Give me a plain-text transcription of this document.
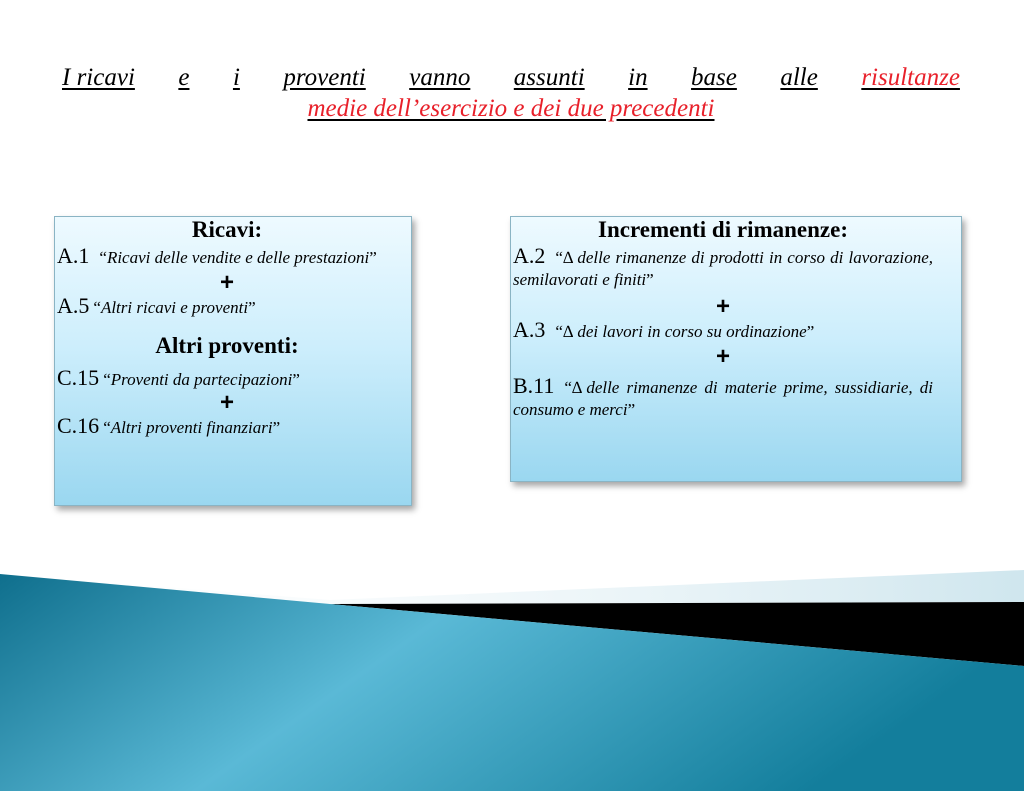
I ricavi e i proventi vanno assunti in base alle risultanze
medie dell’esercizio e dei due precedenti
Ricavi:
A.1 “Ricavi delle vendite e delle prestazioni”
+
A.5 “Altri ricavi e proventi”
Altri proventi:
C.15 “Proventi da partecipazioni”
+
C.16 “Altri proventi finanziari”
Incrementi di rimanenze:
A.2 “∆ delle rimanenze di prodotti in corso di lavorazione, semilavorati e finiti”
+
A.3 “∆ dei lavori in corso su ordinazione”
+
B.11 “∆ delle rimanenze di materie prime, sussidiarie, di consumo e merci”
